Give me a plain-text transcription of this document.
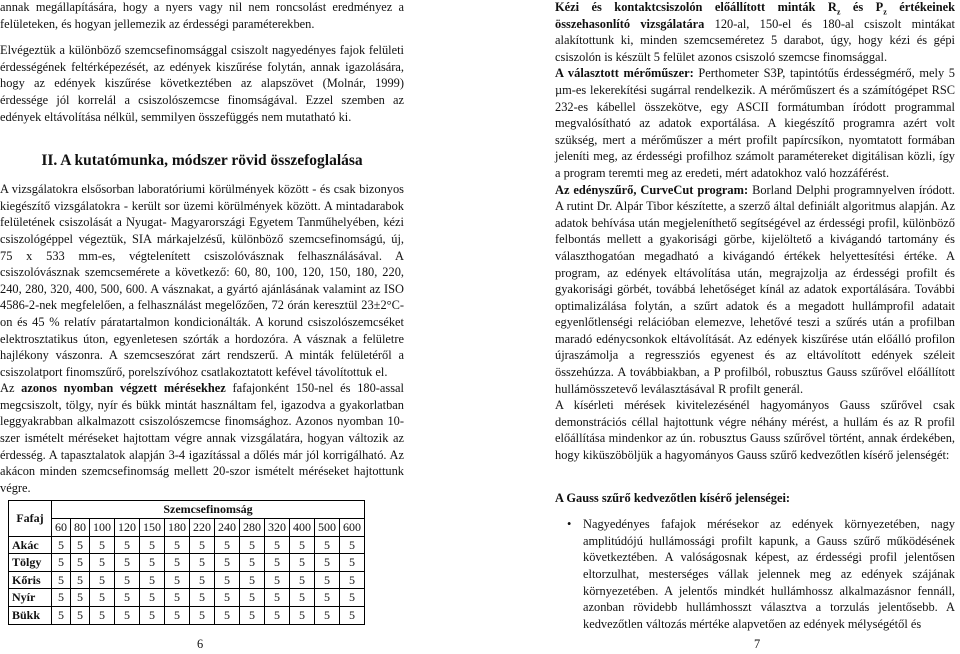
annak megállapítására, hogy a nyers vagy nil nem roncsolást eredményez a felületeken, és hogyan jellemezik az érdességi paraméterekben.

Elvégeztük a különböző szemcsefinomsággal csiszolt nagyedényes fajok felületi érdességének feltérképezését, az edények kiszűrése folytán, annak igazolására, hogy az edények kiszűrése következtében az alapszövet (Molnár, 1999) érdessége jól korrelál a csiszolószemcse finomságával. Ezzel szemben az edények eltávolítása nélkül, semmilyen összefüggés nem mutatható ki.

II. A kutatómunka, módszer rövid összefoglalása

A vizsgálatokra elsősorban laboratóriumi körülmények között - és csak bizonyos kiegészítő vizsgálatokra - került sor üzemi körülmények között. A mintadarabok felületének csiszolását a Nyugat- Magyarországi Egyetem Tanműhelyében, kézi csiszológéppel végeztük, SIA márkajelzésű, különböző szemcsefinomságú, új, 75 x 533 mm-es, végtelenített csiszolóvásznak felhasználásával. A csiszolóvásznak szemcsemérete a következő: 60, 80, 100, 120, 150, 180, 220, 240, 280, 320, 400, 500, 600. A vásznakat, a gyártó ajánlásának valamint az ISO 4586-2-nek megfelelően, a felhasználást megelőzően, 72 órán keresztül 23±2°C-on és 45 % relatív páratartalmon kondicionálták. A korund csiszolószemcséket elektrosztatikus úton, egyenletesen szórták a hordozóra. A vásznak a felületre hajlékony vászonra. A szemcseszórat zárt rendszerű. A minták felületéről a csiszolatport finomszűrő, porelszívóhoz csatlakoztatott kefével távolítottuk el.

Az azonos nyomban végzett mérésekhez fafajonként 150-nel és 180-assal megcsiszolt, tölgy, nyír és bükk mintát használtam fel, igazodva a gyakorlatban leggyakrabban alkalmazott csiszolószemcse finomsághoz. Azonos nyomban 10-szer ismételt méréseket hajtottam végre annak vizsgálatára, hogyan változik az érdesség. A tapasztalatok alapján 3-4 igazítással a dőlés már jól korrigálható. Az akácon minden szemcsefinomság mellett 20-szor ismételt méréseket hajtottunk végre.

Fafaj	Szemcsefinomság												
	60	80	100	120	150	180	220	240	280	320	400	500	600
Akác	5	5	5	5	5	5	5	5	5	5	5	5	5
Tölgy	5	5	5	5	5	5	5	5	5	5	5	5	5
Kőris	5	5	5	5	5	5	5	5	5	5	5	5	5
Nyír	5	5	5	5	5	5	5	5	5	5	5	5	5
Bükk	5	5	5	5	5	5	5	5	5	5	5	5	5
6

Kézi és kontaktcsiszolón előállított minták $R_z$ és $P_z$ értékeinek összehasonlító vizsgálatára 120-al, 150-el és 180-al csiszolt mintákat alakítottunk ki, minden szemcseméretez 5 darabot, úgy, hogy kézi és gépi csiszolón is készült 5 felület azonos csiszoló szemcse finomsággal.

A választott mérőműszer: Perthometer S3P, tapintótűs érdességmérő, mely 5 µm-es lekerekítési sugárral rendelkezik. A mérőműszert és a számítógépet RSC 232-es kábellel összekötve, egy ASCII formátumban íródott programmal megvalósítható az adatok exportálása. A kiegészítő programra azért volt szükség, mert a mérőműszer a mért profilt papírcsíkon, nyomtatott formában jeleníti meg, az érdességi profilhoz számolt paramétereket digitálisan közli, így a program teremti meg az eredeti, mért adatokhoz való hozzáférést.

Az edényszűrő, CurveCut program: Borland Delphi programnyelven íródott. A rutint Dr. Alpár Tibor készítette, a szerző által definiált algoritmus alapján. Az adatok behívása után megjeleníthető segítségével az érdességi profil, különböző felbontás mellett a gyakorisági görbe, kijelöltető a kivágandó tartomány és választhogatóan megadható a kivágandó értékek helyettesítési értéke. A program, az edények eltávolítása után, megrajzolja az érdességi profilt és gyakorisági görbét, továbbá lehetőséget kínál az adatok exportálására. További optimalizálása folytán, a szűrt adatok és a megadott hullámprofil adatait egyenlőtlenségi relációban elemezve, lehetővé teszi a szűrés után a profilban maradó edénycsonkok eltávolítását. Az edények kiszűrése után előálló profilon újraszámolja a regressziós egyenest és az eltávolított edények széleit összehúzza. A továbbiakban, a P profilból, robusztus Gauss szűrővel előállított hullámösszetevő leválasztásával R profilt generál.

A kísérleti mérések kivitelezésénél hagyományos Gauss szűrővel csak demonstrációs céllal hajtottunk végre néhány mérést, a hullám és az R profil előállítása mindenkor az ún. robusztus Gauss szűrővel történt, annak érdekében, hogy kiküszöböljük a hagyományos Gauss szűrő kedvezőtlen kísérő jelenségét:

A Gauss szűrő kedvezőtlen kísérő jelenségei:

• Nagyedényes fafajok mérésekor az edények környezetében, nagy amplitúdójú hullámossági profilt kapunk, a Gauss szűrő működésének következtében. A valóságosnak képest, az érdességi profil jelentősen eltorzulhat, mesterséges vállak jelennek meg az edények szájának környezetében. A jelentős mindkét hullámhossz alkalmazásnor fennáll, azonban rövidebb hullámhosszt választva a torzulás jelentősebb. A kedvezőtlen változás mértéke alapvetően az edények mélységétől és
7
